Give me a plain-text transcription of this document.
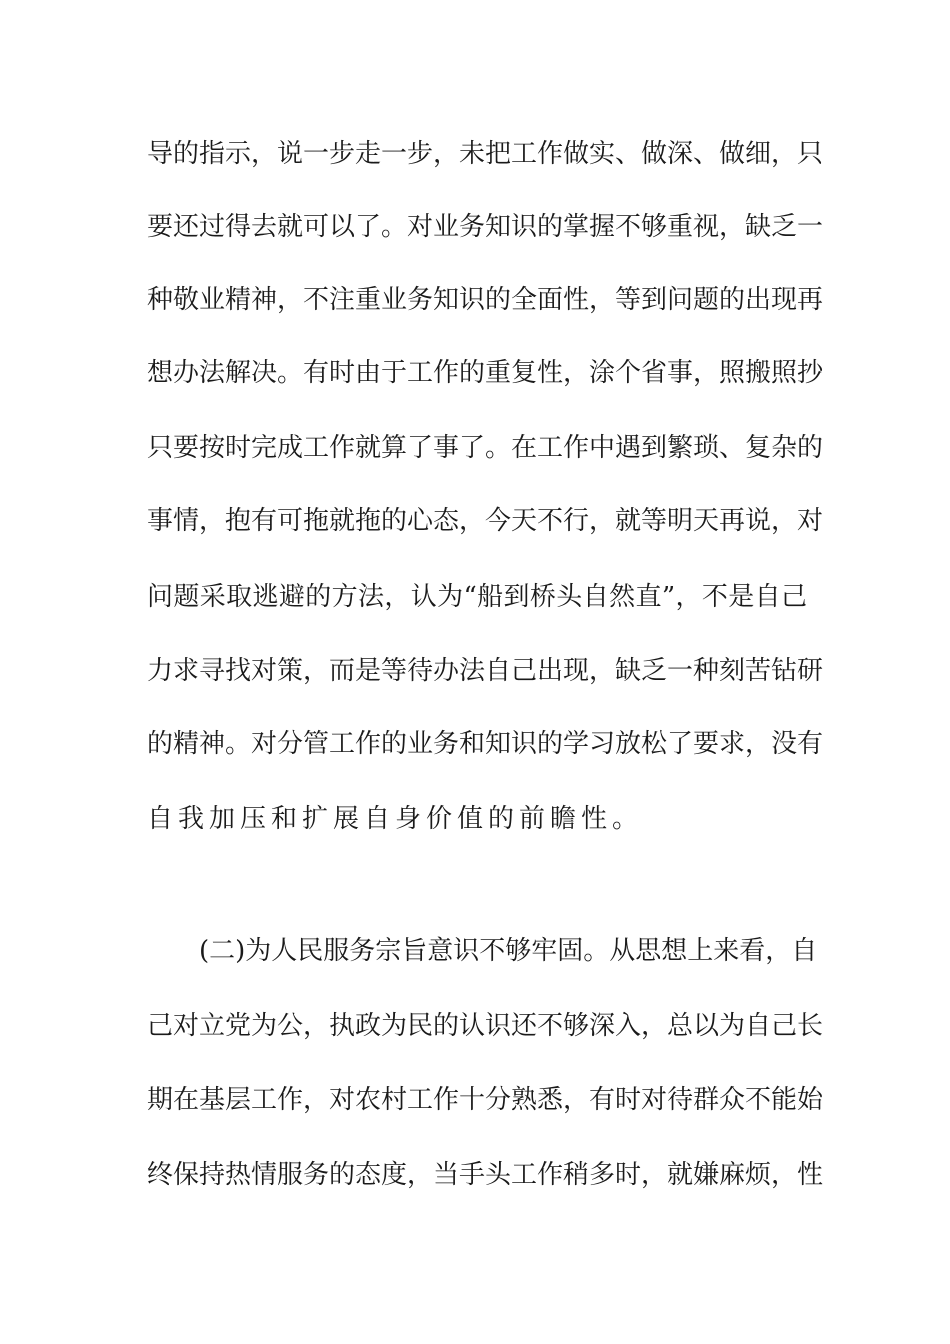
导的指示，说一步走一步，未把工作做实、做深、做细，只
要还过得去就可以了。对业务知识的掌握不够重视，缺乏一
种敬业精神，不注重业务知识的全面性，等到问题的出现再
想办法解决。有时由于工作的重复性，涂个省事，照搬照抄
只要按时完成工作就算了事了。在工作中遇到繁琐、复杂的
事情，抱有可拖就拖的心态，今天不行，就等明天再说，对
问题采取逃避的方法，认为“船到桥头自然直”，不是自己
力求寻找对策，而是等待办法自己出现，缺乏一种刻苦钻研
的精神。对分管工作的业务和知识的学习放松了要求，没有
自我加压和扩展自身价值的前瞻性。
(二)为人民服务宗旨意识不够牢固。从思想上来看，自
己对立党为公，执政为民的认识还不够深入，总以为自己长
期在基层工作，对农村工作十分熟悉，有时对待群众不能始
终保持热情服务的态度，当手头工作稍多时，就嫌麻烦，性
